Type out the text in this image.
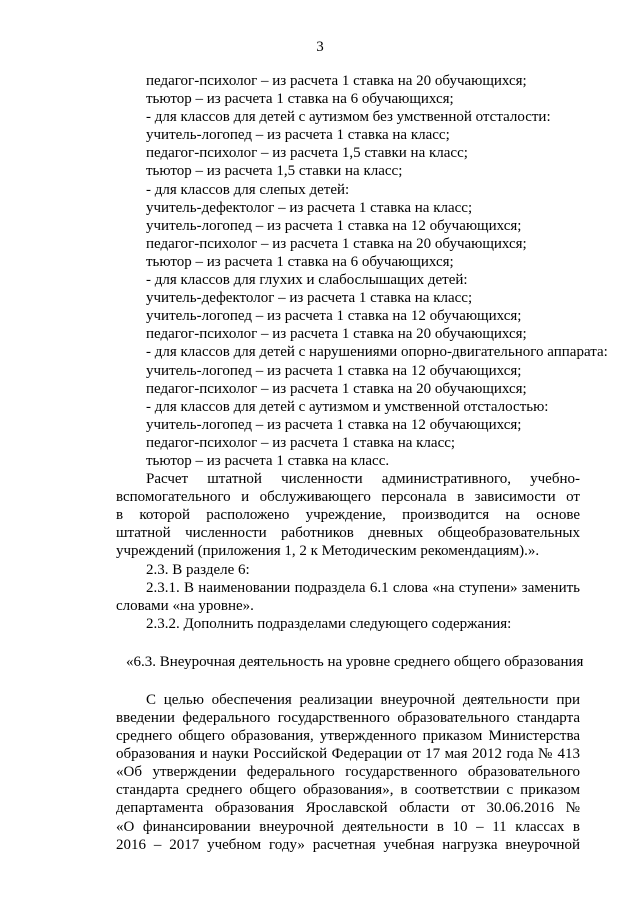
3
педагог-психолог – из расчета 1 ставка на 20 обучающихся;
тьютор – из расчета 1 ставка на 6 обучающихся;
- для классов для детей с аутизмом без умственной отсталости:
учитель-логопед – из расчета 1 ставка на класс;
педагог-психолог – из расчета 1,5 ставки на класс;
тьютор – из расчета 1,5 ставки на класс;
- для классов для слепых детей:
учитель-дефектолог – из расчета 1 ставка на класс;
учитель-логопед – из расчета 1 ставка на 12 обучающихся;
педагог-психолог – из расчета 1 ставка на 20 обучающихся;
тьютор – из расчета 1 ставка на 6 обучающихся;
- для классов для глухих и слабослышащих детей:
учитель-дефектолог – из расчета 1 ставка на класс;
учитель-логопед – из расчета 1 ставка на 12 обучающихся;
педагог-психолог – из расчета 1 ставка на 20 обучающихся;
- для классов для детей с нарушениями опорно-двигательного аппарата:
учитель-логопед – из расчета 1 ставка на 12 обучающихся;
педагог-психолог – из расчета 1 ставка на 20 обучающихся;
- для классов для детей с аутизмом и умственной отсталостью:
учитель-логопед – из расчета 1 ставка на 12 обучающихся;
педагог-психолог – из расчета 1 ставка на класс;
тьютор – из расчета 1 ставка на класс.
Расчет штатной численности административного, учебно-
вспомогательного и обслуживающего персонала в зависимости от
в которой расположено учреждение, производится на основе
штатной численности работников дневных общеобразовательных
учреждений (приложения 1, 2 к Методическим рекомендациям).».
2.3. В разделе 6:
2.3.1. В наименовании подраздела 6.1 слова «на ступени» заменить
словами «на уровне».
2.3.2. Дополнить подразделами следующего содержания:
«6.3. Внеурочная деятельность на уровне среднего общего образования
С целью обеспечения реализации внеурочной деятельности при
введении федерального государственного образовательного стандарта
среднего общего образования, утвержденного приказом Министерства
образования и науки Российской Федерации от 17 мая 2012 года № 413
«Об утверждении федерального государственного образовательного
стандарта среднего общего образования», в соответствии с приказом
департамента образования Ярославской области от 30.06.2016 №
«О финансировании внеурочной деятельности в 10 – 11 классах в
2016 – 2017 учебном году» расчетная учебная нагрузка внеурочной
